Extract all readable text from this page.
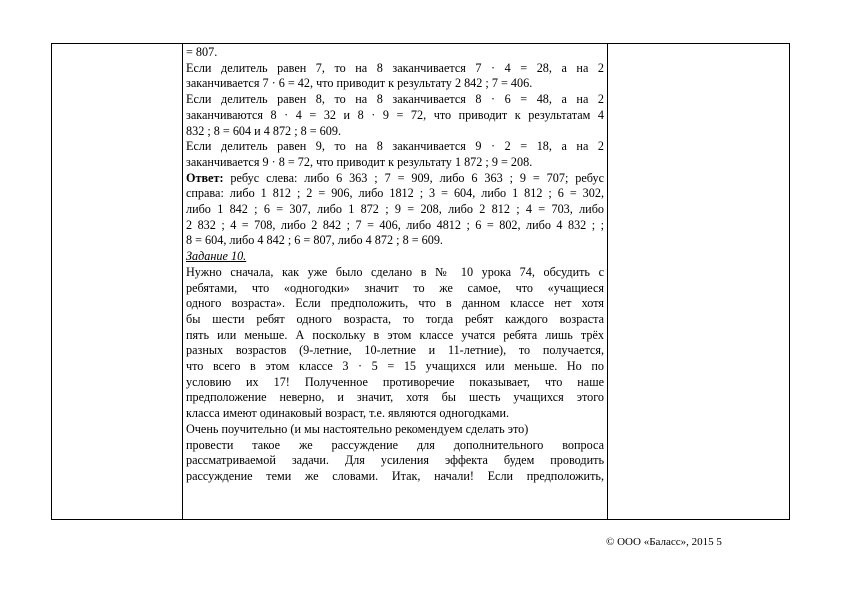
= 807.

Если делитель равен 7, то на 8 заканчивается 7 · 4 = 28, а на 2

заканчивается 7 · 6 = 42, что приводит к результату 2 842 ; 7 = 406.

Если делитель равен 8, то на 8 заканчивается 8 · 6 = 48, а на 2

заканчиваются 8 · 4 = 32 и 8 · 9 = 72, что приводит к результатам 4

832 ; 8 = 604 и 4 872 ; 8 = 609.

Если делитель равен 9, то на 8 заканчивается 9 · 2 = 18, а на 2

заканчивается 9 · 8 = 72, что приводит к результату 1 872 ; 9 = 208.

Ответ: ребус слева: либо 6 363 ; 7 = 909, либо 6 363 ; 9 = 707; ребус

справа: либо 1 812 ; 2 = 906, либо 1812 ; 3 = 604, либо 1 812 ; 6 = 302,

либо 1 842 ; 6 = 307, либо 1 872 ; 9 = 208, либо 2 812 ; 4 = 703, либо

2 832 ; 4 = 708, либо 2 842 ; 7 = 406, либо 4812 ; 6 = 802, либо 4 832 ; ;

8 = 604, либо 4 842 ; 6 = 807, либо 4 872 ; 8 = 609.

Задание 10.

Нужно сначала, как уже было сделано в № 10 урока 74, обсудить с

ребятами, что «одногодки» значит то же самое, что «учащиеся

одного возраста». Если предположить, что в данном классе нет хотя

бы шести ребят одного возраста, то тогда ребят каждого возраста

пять или меньше. А поскольку в этом классе учатся ребята лишь трёх

разных возрастов (9-летние, 10-летние и 11-летние), то получается,

что всего в этом классе 3 · 5 = 15 учащихся или меньше. Но по

условию их 17! Полученное противоречие показывает, что наше

предположение неверно, и значит, хотя бы шесть учащихся этого

класса имеют одинаковый возраст, т.е. являются одногодками.

Очень поучительно (и мы настоятельно рекомендуем сделать это)

провести такое же рассуждение для дополнительного вопроса

рассматриваемой задачи. Для усиления эффекта будем проводить

рассуждение теми же словами. Итак, начали! Если предположить,

© ООО «Баласс», 2015 5
